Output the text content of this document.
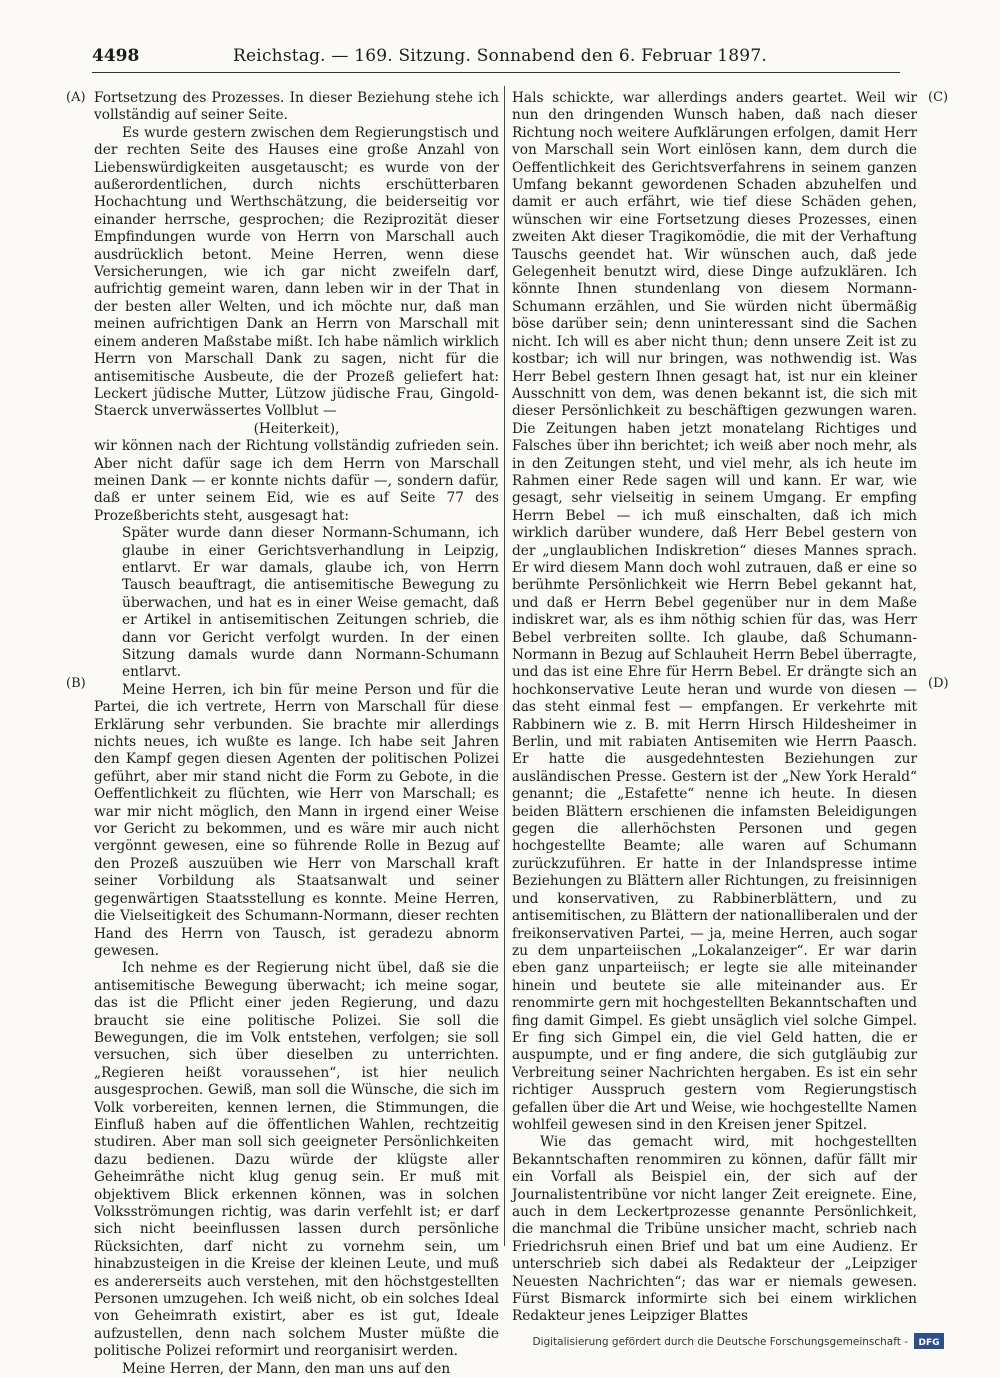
4498	Reichstag. — 169. Sitzung. Sonnabend den 6. Februar 1897.
(A)
(B)
(C)
(D)

Fortsetzung des Prozesses. In dieser Beziehung stehe ich vollständig auf seiner Seite.

Es wurde gestern zwischen dem Regierungstisch und der rechten Seite des Hauses eine große Anzahl von Liebenswürdigkeiten ausgetauscht; es wurde von der außerordentlichen, durch nichts erschütterbaren Hochachtung und Werthschätzung, die beiderseitig vor einander herrsche, gesprochen; die Reziprozität dieser Empfindungen wurde von Herrn von Marschall auch ausdrücklich betont. Meine Herren, wenn diese Versicherungen, wie ich gar nicht zweifeln darf, aufrichtig gemeint waren, dann leben wir in der That in der besten aller Welten, und ich möchte nur, daß man meinen aufrichtigen Dank an Herrn von Marschall mit einem anderen Maßstabe mißt. Ich habe nämlich wirklich Herrn von Marschall Dank zu sagen, nicht für die antisemitische Ausbeute, die der Prozeß geliefert hat: Leckert jüdische Mutter, Lützow jüdische Frau, Gingold-Staerck unverwässertes Vollblut —

(Heiterkeit),

wir können nach der Richtung vollständig zufrieden sein. Aber nicht dafür sage ich dem Herrn von Marschall meinen Dank — er konnte nichts dafür —, sondern dafür, daß er unter seinem Eid, wie es auf Seite 77 des Prozeßberichts steht, ausgesagt hat:

Später wurde dann dieser Normann-Schumann, ich glaube in einer Gerichtsverhandlung in Leipzig, entlarvt. Er war damals, glaube ich, von Herrn Tausch beauftragt, die antisemitische Bewegung zu überwachen, und hat es in einer Weise gemacht, daß er Artikel in antisemitischen Zeitungen schrieb, die dann vor Gericht verfolgt wurden. In der einen Sitzung damals wurde dann Normann-Schumann entlarvt.

Meine Herren, ich bin für meine Person und für die Partei, die ich vertrete, Herrn von Marschall für diese Erklärung sehr verbunden. Sie brachte mir allerdings nichts neues, ich wußte es lange. Ich habe seit Jahren den Kampf gegen diesen Agenten der politischen Polizei geführt, aber mir stand nicht die Form zu Gebote, in die Oeffentlichkeit zu flüchten, wie Herr von Marschall; es war mir nicht möglich, den Mann in irgend einer Weise vor Gericht zu bekommen, und es wäre mir auch nicht vergönnt gewesen, eine so führende Rolle in Bezug auf den Prozeß auszuüben wie Herr von Marschall kraft seiner Vorbildung als Staatsanwalt und seiner gegenwärtigen Staatsstellung es konnte. Meine Herren, die Vielseitigkeit des Schumann-Normann, dieser rechten Hand des Herrn von Tausch, ist geradezu abnorm gewesen.

Ich nehme es der Regierung nicht übel, daß sie die antisemitische Bewegung überwacht; ich meine sogar, das ist die Pflicht einer jeden Regierung, und dazu braucht sie eine politische Polizei. Sie soll die Bewegungen, die im Volk entstehen, verfolgen; sie soll versuchen, sich über dieselben zu unterrichten. „Regieren heißt voraussehen“, ist hier neulich ausgesprochen. Gewiß, man soll die Wünsche, die sich im Volk vorbereiten, kennen lernen, die Stimmungen, die Einfluß haben auf die öffentlichen Wahlen, rechtzeitig studiren. Aber man soll sich geeigneter Persönlichkeiten dazu bedienen. Dazu würde der klügste aller Geheimräthe nicht klug genug sein. Er muß mit objektivem Blick erkennen können, was in solchen Volksströmungen richtig, was darin verfehlt ist; er darf sich nicht beeinflussen lassen durch persönliche Rücksichten, darf nicht zu vornehm sein, um hinabzusteigen in die Kreise der kleinen Leute, und muß es andererseits auch verstehen, mit den höchstgestellten Personen umzugehen. Ich weiß nicht, ob ein solches Ideal von Geheimrath existirt, aber es ist gut, Ideale aufzustellen, denn nach solchem Muster müßte die politische Polizei reformirt und reorganisirt werden.

Meine Herren, der Mann, den man uns auf den

Hals schickte, war allerdings anders geartet. Weil wir nun den dringenden Wunsch haben, daß nach dieser Richtung noch weitere Aufklärungen erfolgen, damit Herr von Marschall sein Wort einlösen kann, dem durch die Oeffentlichkeit des Gerichtsverfahrens in seinem ganzen Umfang bekannt gewordenen Schaden abzuhelfen und damit er auch erfährt, wie tief diese Schäden gehen, wünschen wir eine Fortsetzung dieses Prozesses, einen zweiten Akt dieser Tragikomödie, die mit der Verhaftung Tauschs geendet hat. Wir wünschen auch, daß jede Gelegenheit benutzt wird, diese Dinge aufzuklären. Ich könnte Ihnen stundenlang von diesem Normann-Schumann erzählen, und Sie würden nicht übermäßig böse darüber sein; denn uninteressant sind die Sachen nicht. Ich will es aber nicht thun; denn unsere Zeit ist zu kostbar; ich will nur bringen, was nothwendig ist. Was Herr Bebel gestern Ihnen gesagt hat, ist nur ein kleiner Ausschnitt von dem, was denen bekannt ist, die sich mit dieser Persönlichkeit zu beschäftigen gezwungen waren. Die Zeitungen haben jetzt monatelang Richtiges und Falsches über ihn berichtet; ich weiß aber noch mehr, als in den Zeitungen steht, und viel mehr, als ich heute im Rahmen einer Rede sagen will und kann. Er war, wie gesagt, sehr vielseitig in seinem Umgang. Er empfing Herrn Bebel — ich muß einschalten, daß ich mich wirklich darüber wundere, daß Herr Bebel gestern von der „unglaublichen Indiskretion“ dieses Mannes sprach. Er wird diesem Mann doch wohl zutrauen, daß er eine so berühmte Persönlichkeit wie Herrn Bebel gekannt hat, und daß er Herrn Bebel gegenüber nur in dem Maße indiskret war, als es ihm nöthig schien für das, was Herr Bebel verbreiten sollte. Ich glaube, daß Schumann-Normann in Bezug auf Schlauheit Herrn Bebel überragte, und das ist eine Ehre für Herrn Bebel. Er drängte sich an hochkonservative Leute heran und wurde von diesen — das steht einmal fest — empfangen. Er verkehrte mit Rabbinern wie z. B. mit Herrn Hirsch Hildesheimer in Berlin, und mit rabiaten Antisemiten wie Herrn Paasch. Er hatte die ausgedehntesten Beziehungen zur ausländischen Presse. Gestern ist der „New York Herald“ genannt; die „Estafette“ nenne ich heute. In diesen beiden Blättern erschienen die infamsten Beleidigungen gegen die allerhöchsten Personen und gegen hochgestellte Beamte; alle waren auf Schumann zurückzuführen. Er hatte in der Inlandspresse intime Beziehungen zu Blättern aller Richtungen, zu freisinnigen und konservativen, zu Rabbinerblättern, und zu antisemitischen, zu Blättern der nationalliberalen und der freikonservativen Partei, — ja, meine Herren, auch sogar zu dem unparteiischen „Lokalanzeiger“. Er war darin eben ganz unparteiisch; er legte sie alle miteinander hinein und beutete sie alle miteinander aus. Er renommirte gern mit hochgestellten Bekanntschaften und fing damit Gimpel. Es giebt unsäglich viel solche Gimpel. Er fing sich Gimpel ein, die viel Geld hatten, die er auspumpte, und er fing andere, die sich gutgläubig zur Verbreitung seiner Nachrichten hergaben. Es ist ein sehr richtiger Ausspruch gestern vom Regierungstisch gefallen über die Art und Weise, wie hochgestellte Namen wohlfeil gewesen sind in den Kreisen jener Spitzel.

Wie das gemacht wird, mit hochgestellten Bekanntschaften renommiren zu können, dafür fällt mir ein Vorfall als Beispiel ein, der sich auf der Journalistentribüne vor nicht langer Zeit ereignete. Eine, auch in dem Leckertprozesse genannte Persönlichkeit, die manchmal die Tribüne unsicher macht, schrieb nach Friedrichsruh einen Brief und bat um eine Audienz. Er unterschrieb sich dabei als Redakteur der „Leipziger Neuesten Nachrichten“; das war er niemals gewesen. Fürst Bismarck informirte sich bei einem wirklichen Redakteur jenes Leipziger Blattes

Digitalisierung gefördert durch die Deutsche Forschungsgemeinschaft - DFG
